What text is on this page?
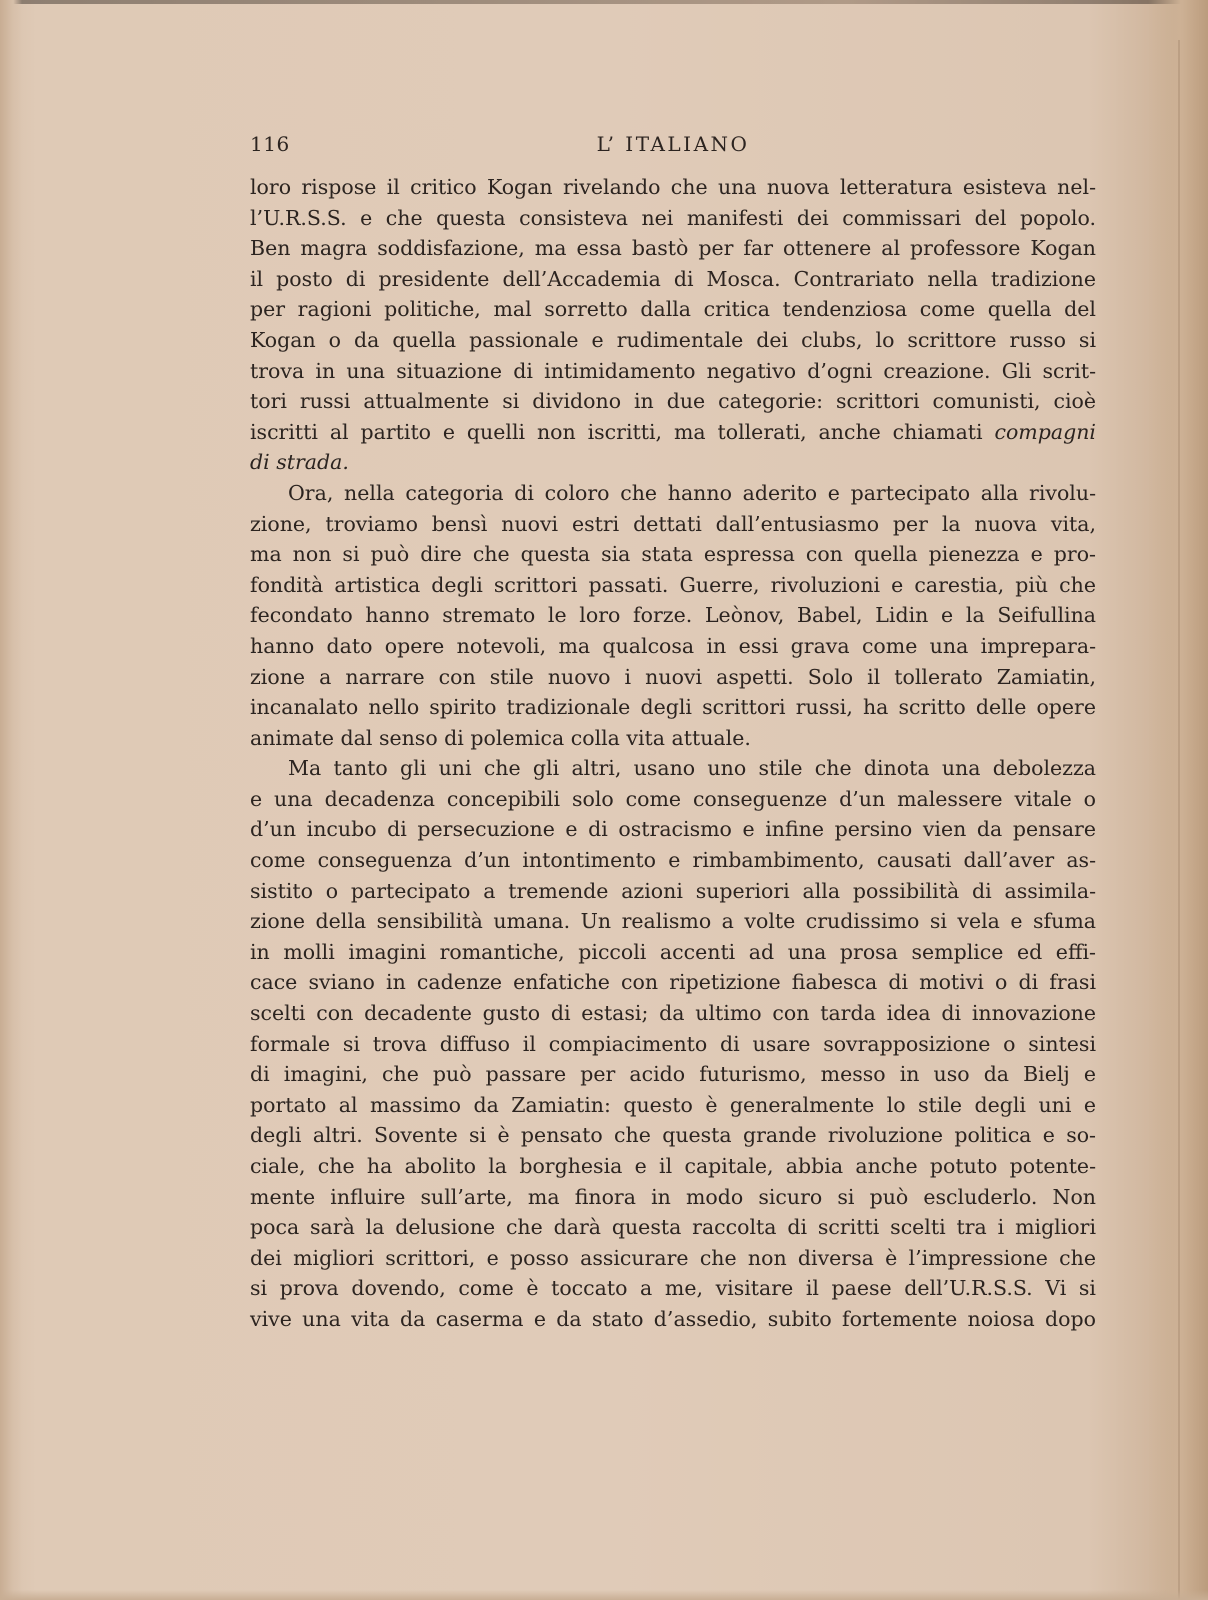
116	L’ ITALIANO
loro rispose il critico Kogan rivelando che una nuova letteratura esisteva nel-
l’U.R.S.S. e che questa consisteva nei manifesti dei commissari del popolo.
Ben magra soddisfazione, ma essa bastò per far ottenere al professore Kogan
il posto di presidente dell’Accademia di Mosca. Contrariato nella tradizione
per ragioni politiche, mal sorretto dalla critica tendenziosa come quella del
Kogan o da quella passionale e rudimentale dei clubs, lo scrittore russo si
trova in una situazione di intimidamento negativo d’ogni creazione. Gli scrit-
tori russi attualmente si dividono in due categorie: scrittori comunisti, cioè
iscritti al partito e quelli non iscritti, ma tollerati, anche chiamati compagni
di strada.
Ora, nella categoria di coloro che hanno aderito e partecipato alla rivolu-
zione, troviamo bensì nuovi estri dettati dall’entusiasmo per la nuova vita,
ma non si può dire che questa sia stata espressa con quella pienezza e pro-
fondità artistica degli scrittori passati. Guerre, rivoluzioni e carestia, più che
fecondato hanno stremato le loro forze. Leònov, Babel, Lidin e la Seifullina
hanno dato opere notevoli, ma qualcosa in essi grava come una imprepara-
zione a narrare con stile nuovo i nuovi aspetti. Solo il tollerato Zamiatin,
incanalato nello spirito tradizionale degli scrittori russi, ha scritto delle opere
animate dal senso di polemica colla vita attuale.
Ma tanto gli uni che gli altri, usano uno stile che dinota una debolezza
e una decadenza concepibili solo come conseguenze d’un malessere vitale o
d’un incubo di persecuzione e di ostracismo e infine persino vien da pensare
come conseguenza d’un intontimento e rimbambimento, causati dall’aver as-
sistito o partecipato a tremende azioni superiori alla possibilità di assimila-
zione della sensibilità umana. Un realismo a volte crudissimo si vela e sfuma
in molli imagini romantiche, piccoli accenti ad una prosa semplice ed effi-
cace sviano in cadenze enfatiche con ripetizione fiabesca di motivi o di frasi
scelti con decadente gusto di estasi; da ultimo con tarda idea di innovazione
formale si trova diffuso il compiacimento di usare sovrapposizione o sintesi
di imagini, che può passare per acido futurismo, messo in uso da Bielj e
portato al massimo da Zamiatin: questo è generalmente lo stile degli uni e
degli altri. Sovente si è pensato che questa grande rivoluzione politica e so-
ciale, che ha abolito la borghesia e il capitale, abbia anche potuto potente-
mente influire sull’arte, ma finora in modo sicuro si può escluderlo. Non
poca sarà la delusione che darà questa raccolta di scritti scelti tra i migliori
dei migliori scrittori, e posso assicurare che non diversa è l’impressione che
si prova dovendo, come è toccato a me, visitare il paese dell’U.R.S.S. Vi si
vive una vita da caserma e da stato d’assedio, subito fortemente noiosa dopo
